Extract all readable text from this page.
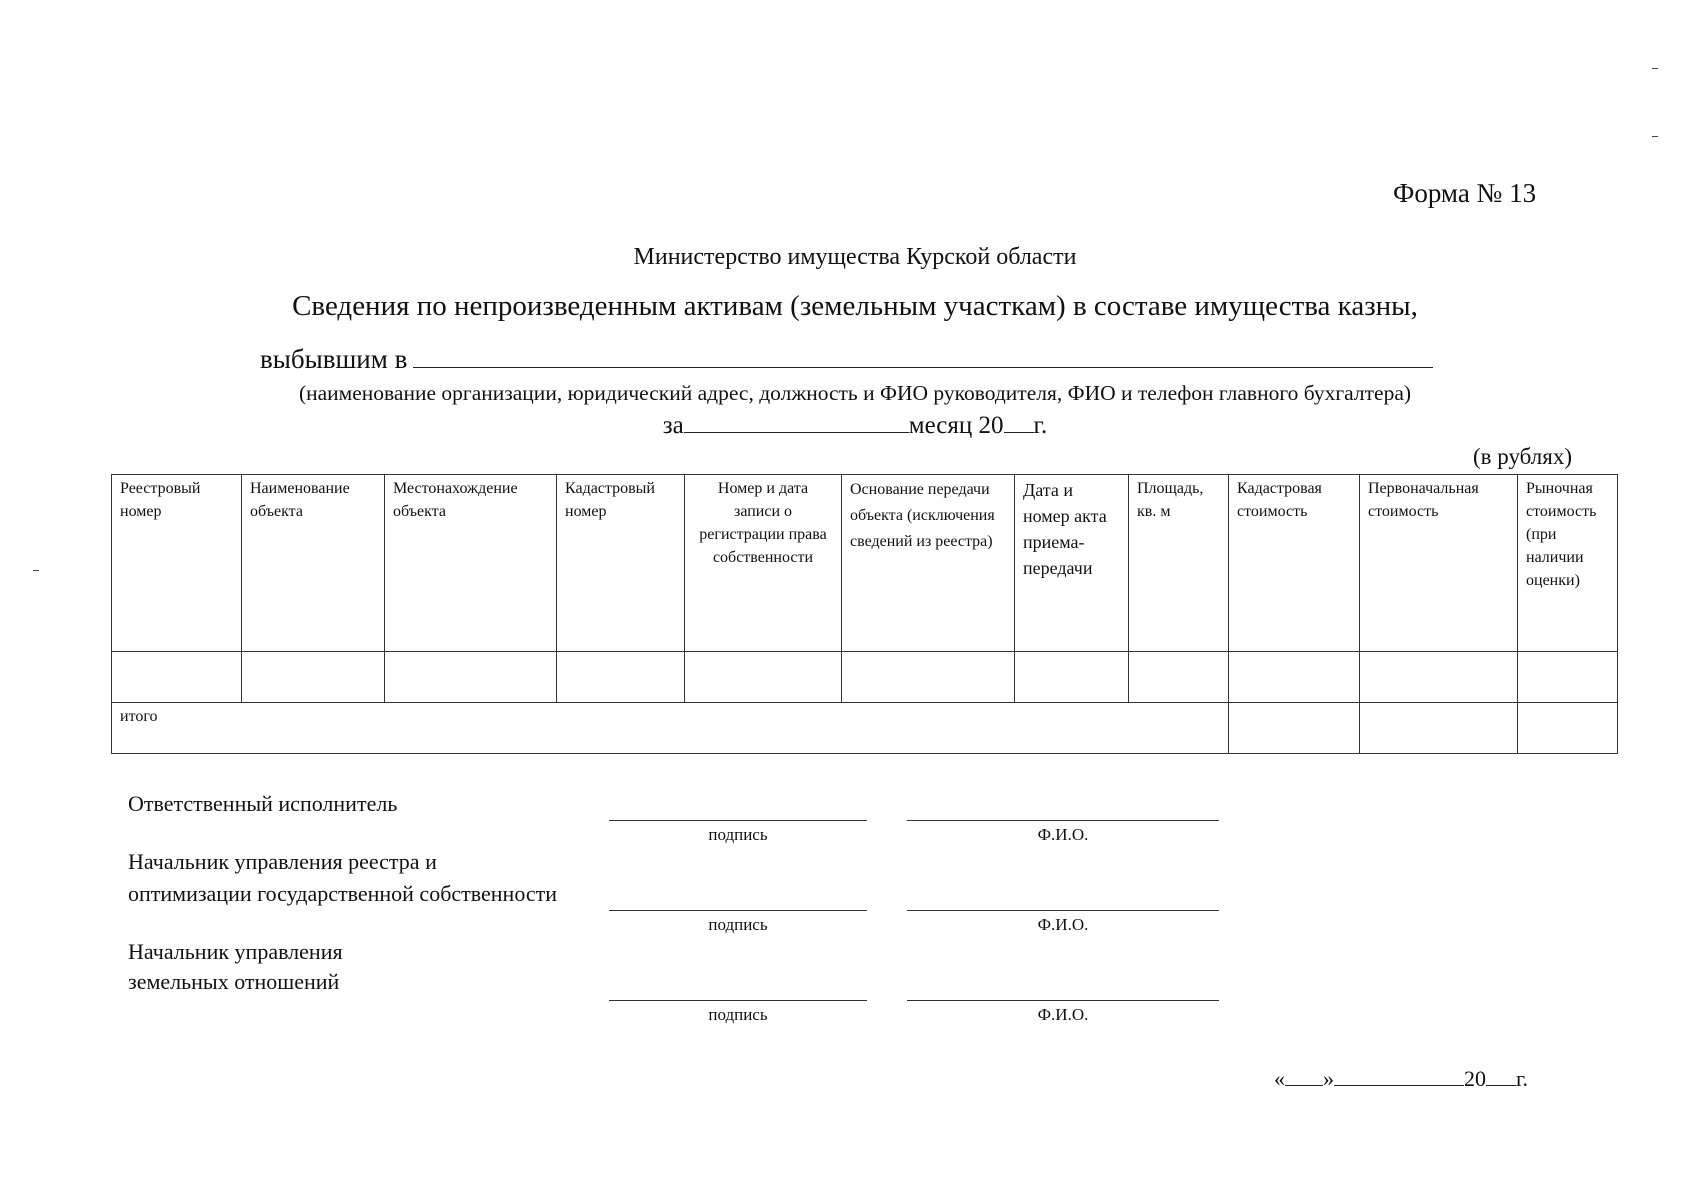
Форма № 13
Министерство имущества Курской области
Сведения по непроизведенным активам (земельным участкам) в составе имущества казны,
выбывшим в
(наименование организации, юридический адрес, должность и ФИО руководителя, ФИО и телефон главного бухгалтера)
за	месяц 20 г.
(в рублях)
Реестровый номер	Наименование объекта	Местонахождение объекта	Кадастровый номер	Номер и дата записи о регистрации права собственности	Основание передачи объекта (исключения сведений из реестра)	Дата и номер акта приема-передачи	Площадь, кв. м	Кадастровая стоимость	Первоначальная стоимость	Рыночная стоимость (при наличии оценки)

итого										
Ответственный исполнитель
подпись	Ф.И.О.
Начальник управления реестра и
оптимизации государственной собственности
подпись	Ф.И.О.
Начальник управления
земельных отношений
подпись	Ф.И.О.
« »	20 г.
